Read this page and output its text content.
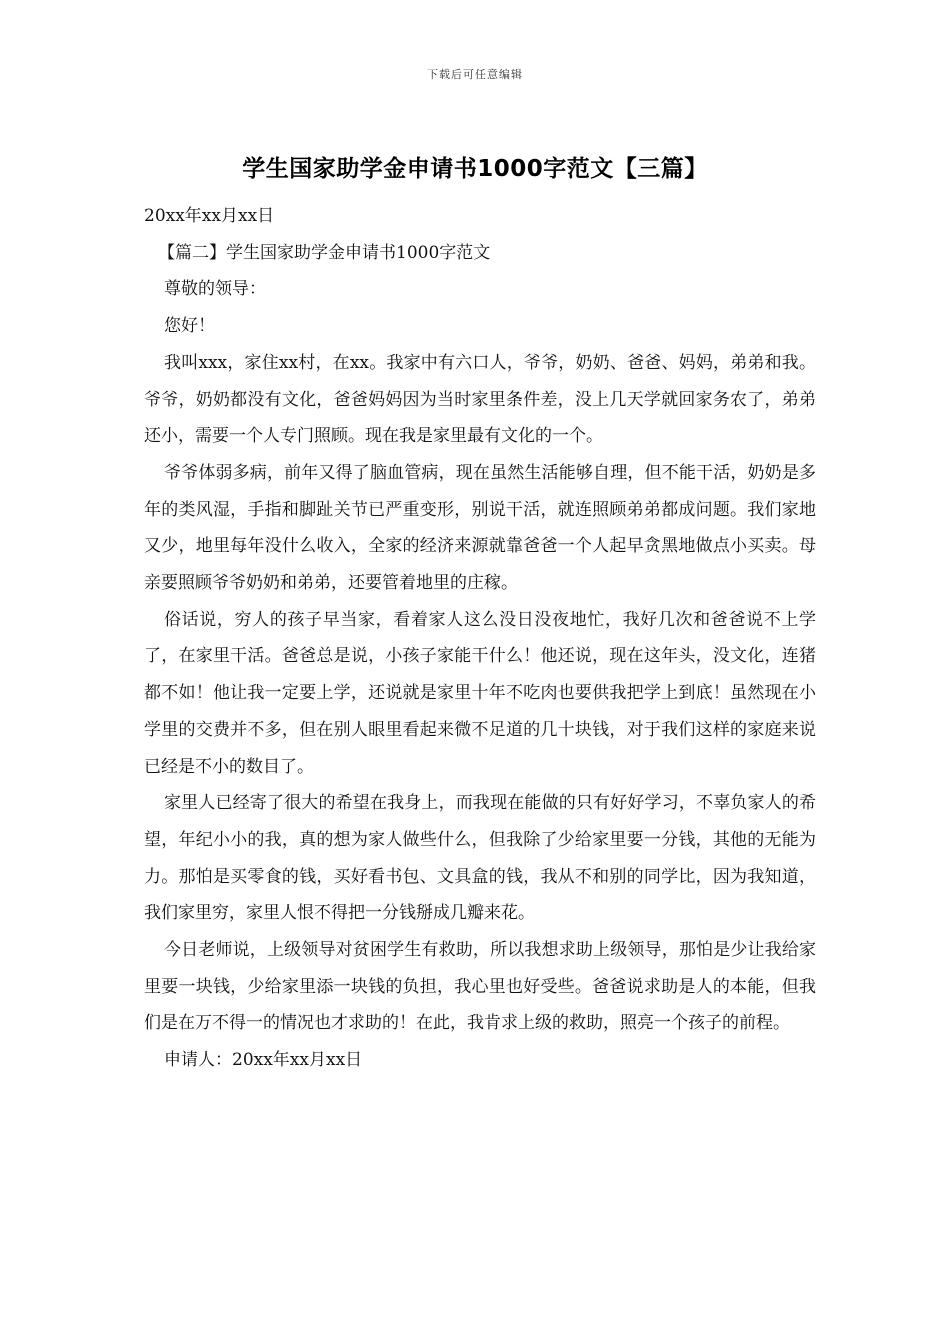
下载后可任意编辑
学生国家助学金申请书1000字范文【三篇】

20xx年xx月xx日

【篇二】学生国家助学金申请书1000字范文

尊敬的领导：

您好！

我叫xxx，家住xx村，在xx。我家中有六口人，爷爷，奶奶、爸爸、妈妈，弟弟和我。爷爷，奶奶都没有文化，爸爸妈妈因为当时家里条件差，没上几天学就回家务农了，弟弟还小，需要一个人专门照顾。现在我是家里最有文化的一个。

爷爷体弱多病，前年又得了脑血管病，现在虽然生活能够自理，但不能干活，奶奶是多年的类风湿，手指和脚趾关节已严重变形，别说干活，就连照顾弟弟都成问题。我们家地又少，地里每年没什么收入，全家的经济来源就靠爸爸一个人起早贪黑地做点小买卖。母亲要照顾爷爷奶奶和弟弟，还要管着地里的庄稼。

俗话说，穷人的孩子早当家，看着家人这么没日没夜地忙，我好几次和爸爸说不上学了，在家里干活。爸爸总是说，小孩子家能干什么！他还说，现在这年头，没文化，连猪都不如！他让我一定要上学，还说就是家里十年不吃肉也要供我把学上到底！虽然现在小学里的交费并不多，但在别人眼里看起来微不足道的几十块钱，对于我们这样的家庭来说已经是不小的数目了。

家里人已经寄了很大的希望在我身上，而我现在能做的只有好好学习，不辜负家人的希望，年纪小小的我，真的想为家人做些什么，但我除了少给家里要一分钱，其他的无能为力。那怕是买零食的钱，买好看书包、文具盒的钱，我从不和别的同学比，因为我知道，我们家里穷，家里人恨不得把一分钱掰成几瓣来花。

今日老师说，上级领导对贫困学生有救助，所以我想求助上级领导，那怕是少让我给家里要一块钱，少给家里添一块钱的负担，我心里也好受些。爸爸说求助是人的本能，但我们是在万不得一的情况也才求助的！在此，我肯求上级的救助，照亮一个孩子的前程。

申请人：20xx年xx月xx日
